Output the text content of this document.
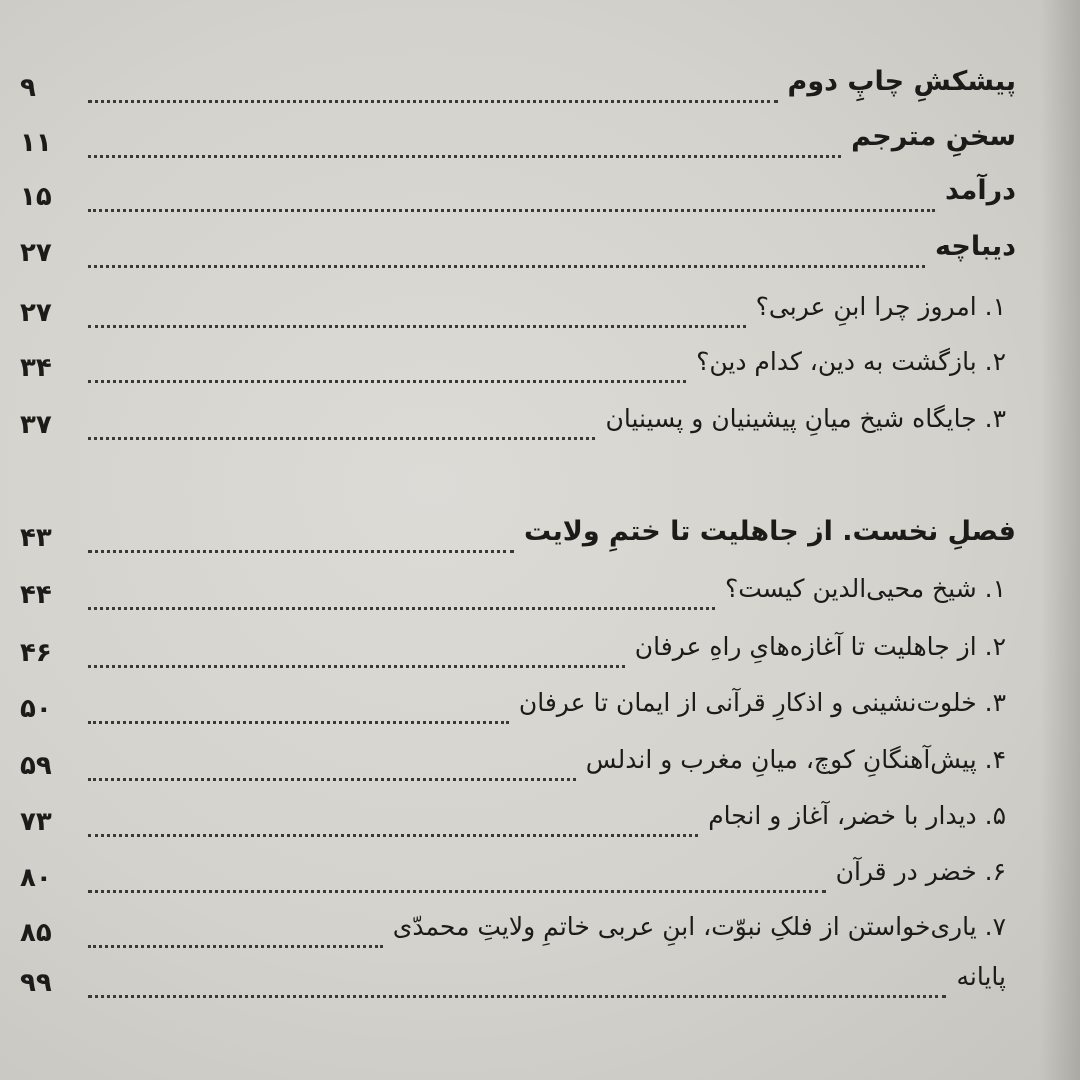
پیشکشِ چاپِ دوم
۹
سخنِ مترجم
۱۱
درآمد
۱۵
دیباچه
۲۷
۱. امروز چرا ابنِ عربی؟
۲۷
۲. بازگشت به دین، کدام دین؟
۳۴
۳. جایگاه شیخ میانِ پیشینیان و پسینیان
۳۷
فصلِ نخست. از جاهلیت تا ختمِ ولایت
۴۳
۱. شیخ محیی‌الدین کیست؟
۴۴
۲. از جاهلیت تا آغازه‌هایِ راهِ عرفان
۴۶
۳. خلوت‌نشینی و اذکارِ قرآنی از ایمان تا عرفان
۵۰
۴. پیش‌آهنگانِ کوچ، میانِ مغرب و اندلس
۵۹
۵. دیدار با خضر، آغاز و انجام
۷۳
۶. خضر در قرآن
۸۰
۷. یاری‌خواستن از فلکِ نبوّت، ابنِ عربی خاتمِ ولایتِ محمدّی
۸۵
پایانه
۹۹
